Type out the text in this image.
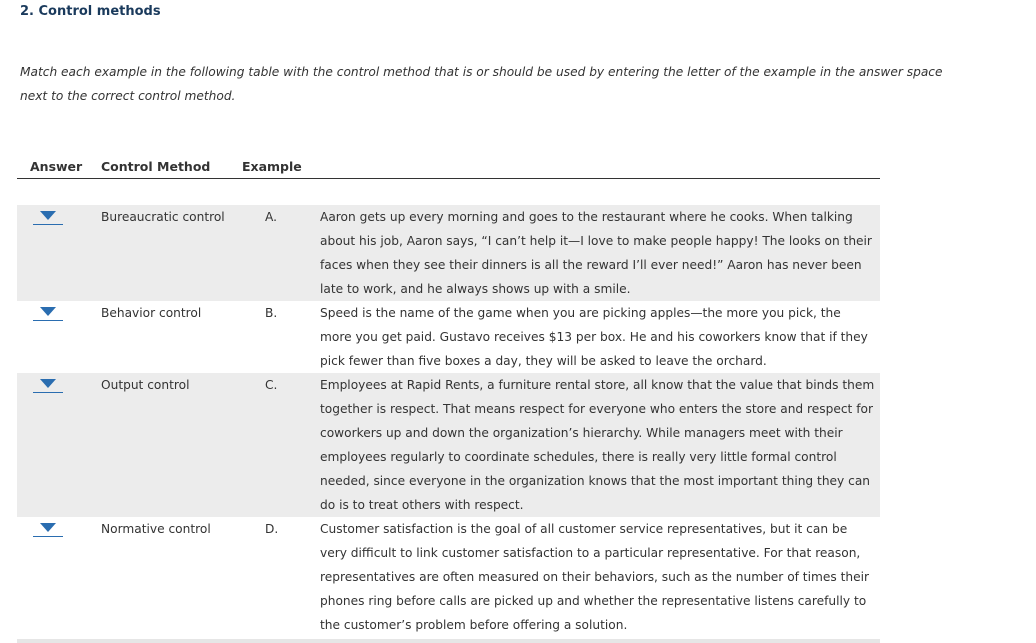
2. Control methods
Match each example in the following table with the control method that is or should be used by entering the letter of the example in the answer space next to the correct control method.
Answer Control Method	Example
Bureaucratic control	A.	Aaron gets up every morning and goes to the restaurant where he cooks. When talking about his job, Aaron says, “I can’t help it—I love to make people happy! The looks on their faces when they see their dinners is all the reward I’ll ever need!” Aaron has never been late to work, and he always shows up with a smile.
Behavior control	B.	Speed is the name of the game when you are picking apples—the more you pick, the more you get paid. Gustavo receives $13 per box. He and his coworkers know that if they pick fewer than five boxes a day, they will be asked to leave the orchard.
Output control	C.	Employees at Rapid Rents, a furniture rental store, all know that the value that binds them together is respect. That means respect for everyone who enters the store and respect for coworkers up and down the organization’s hierarchy. While managers meet with their employees regularly to coordinate schedules, there is really very little formal control needed, since everyone in the organization knows that the most important thing they can do is to treat others with respect.
Normative control	D.	Customer satisfaction is the goal of all customer service representatives, but it can be very difficult to link customer satisfaction to a particular representative. For that reason, representatives are often measured on their behaviors, such as the number of times their phones ring before calls are picked up and whether the representative listens carefully to the customer’s problem before offering a solution.
